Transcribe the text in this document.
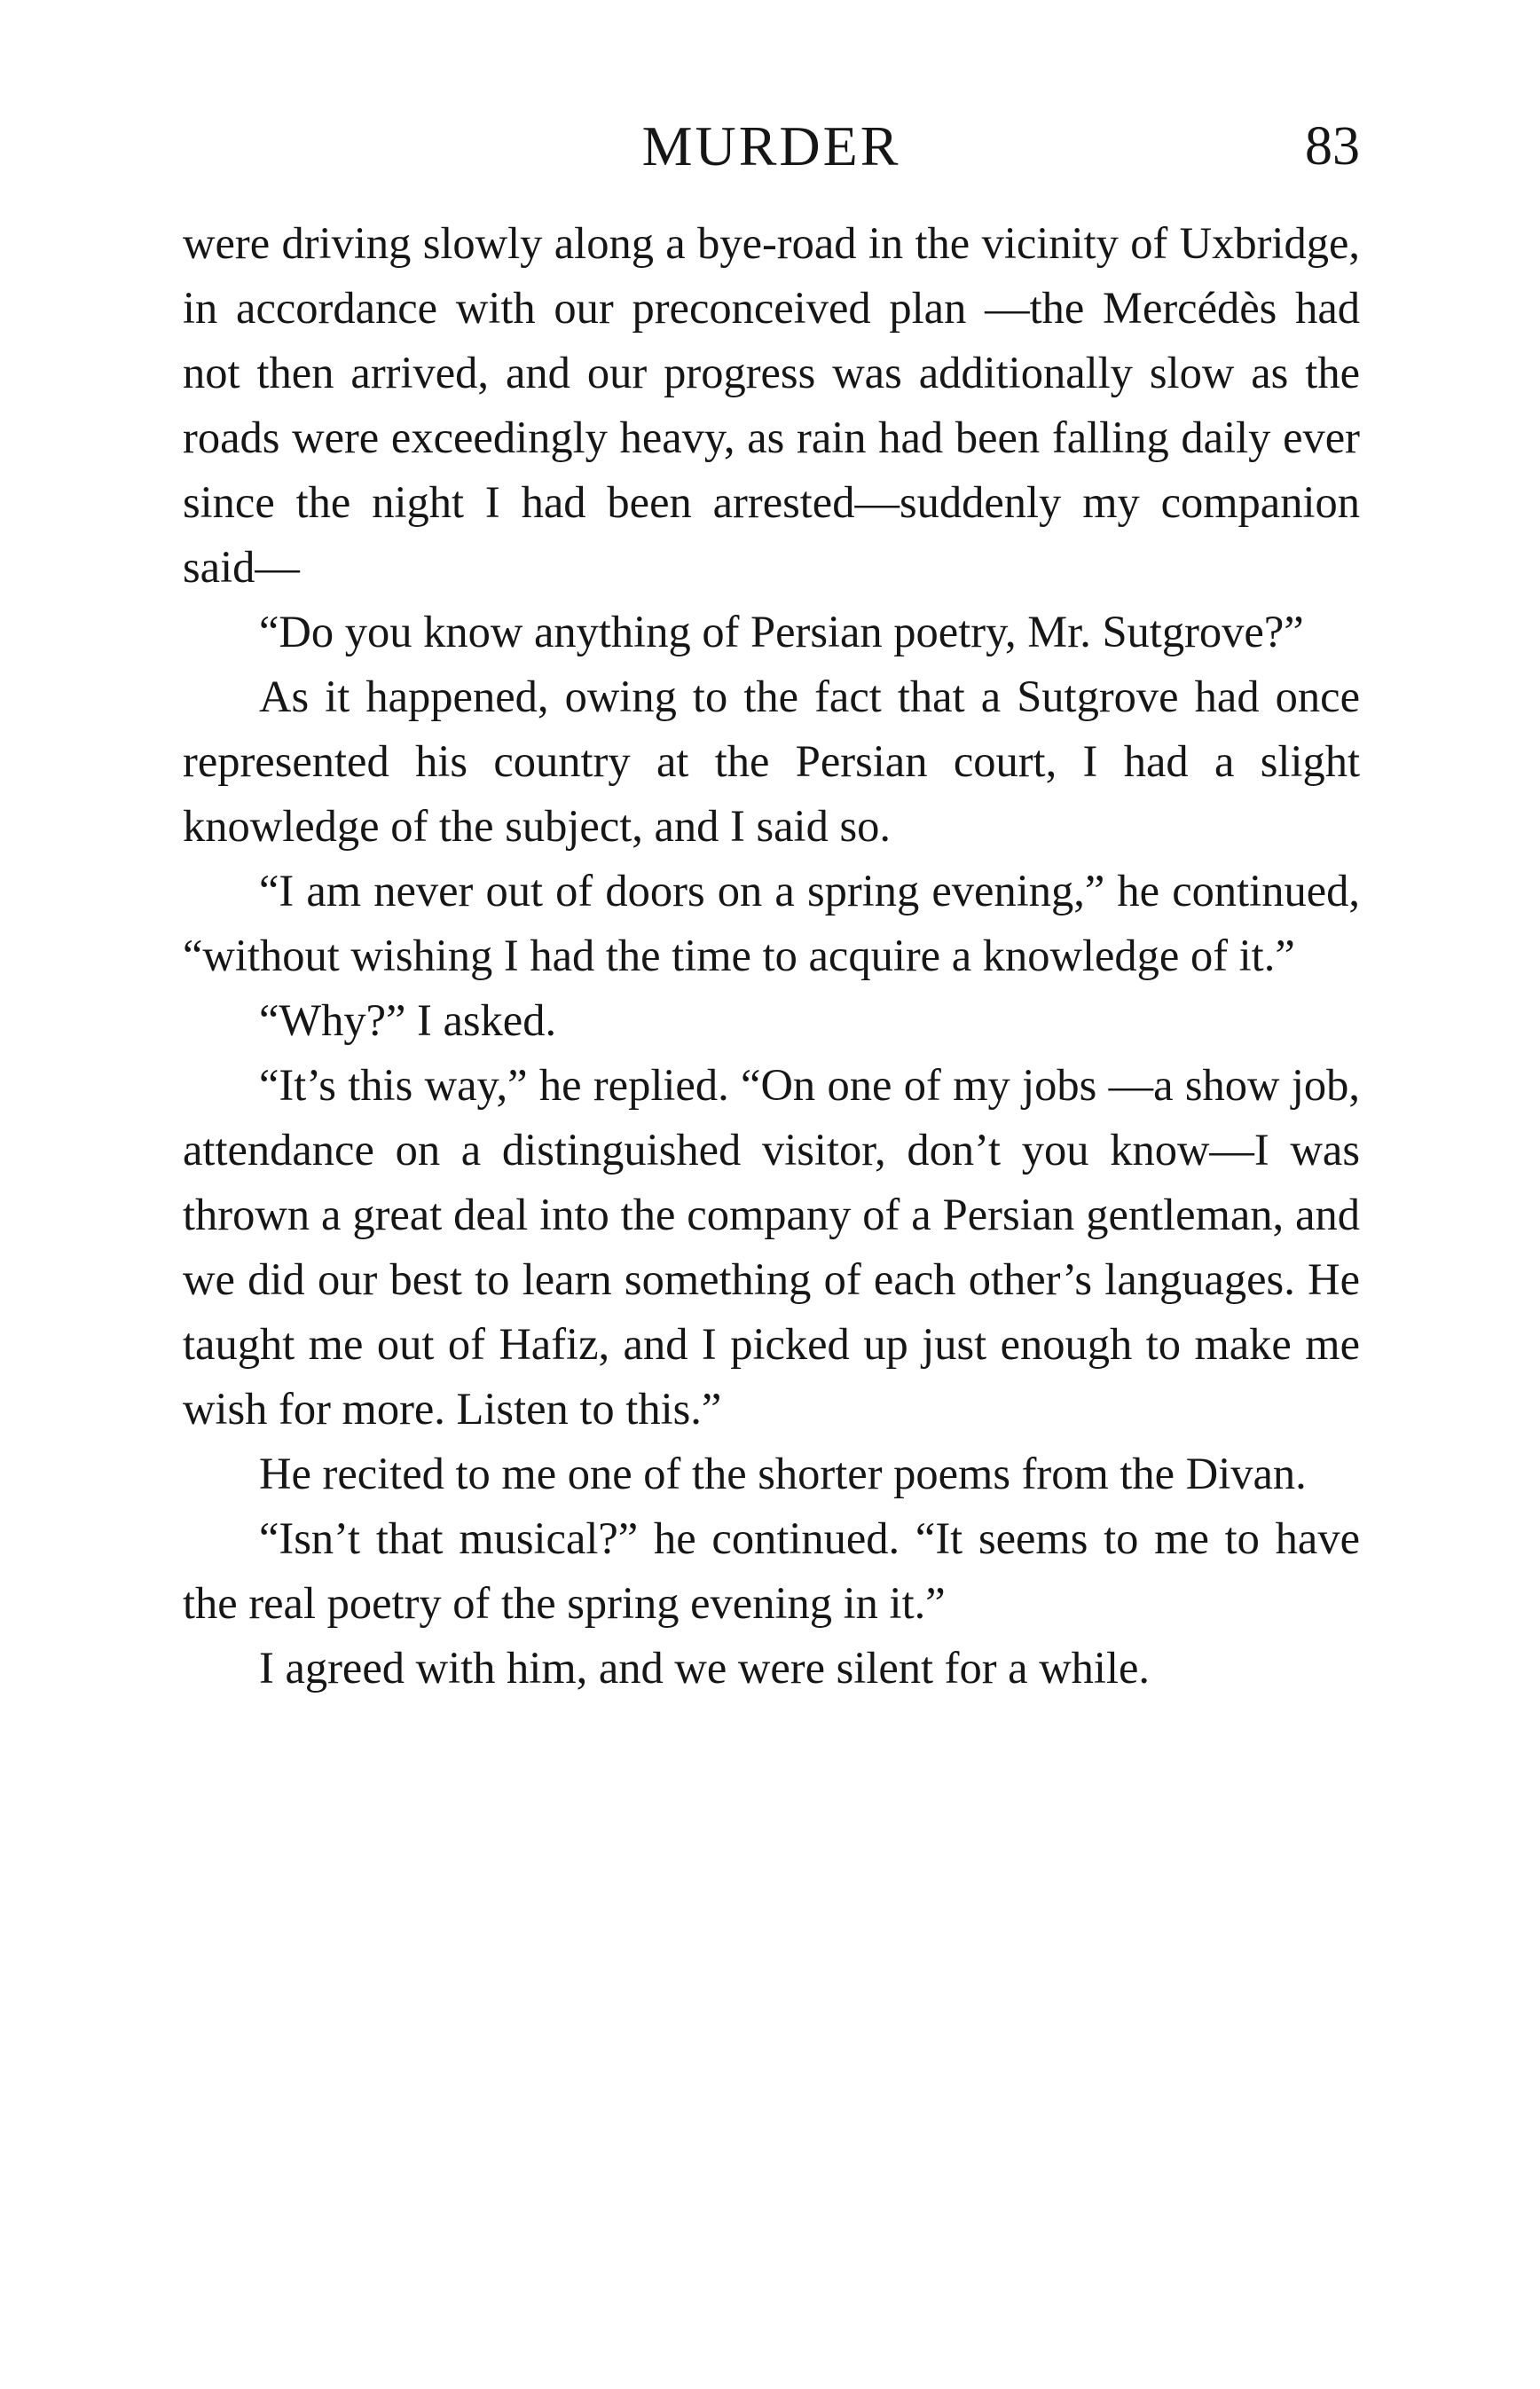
MURDER	83

were driving slowly along a bye-road in the vicinity of Uxbridge, in accordance with our preconceived plan —the Mercédès had not then arrived, and our progress was additionally slow as the roads were exceedingly heavy, as rain had been falling daily ever since the night I had been arrested—suddenly my companion said—

“Do you know anything of Persian poetry, Mr. Sutgrove?”

As it happened, owing to the fact that a Sutgrove had once represented his country at the Persian court, I had a slight knowledge of the subject, and I said so.

“I am never out of doors on a spring evening,” he continued, “without wishing I had the time to acquire a knowledge of it.”

“Why?” I asked.

“It’s this way,” he replied. “On one of my jobs —a show job, attendance on a distinguished visitor, don’t you know—I was thrown a great deal into the company of a Persian gentleman, and we did our best to learn something of each other’s languages. He taught me out of Hafiz, and I picked up just enough to make me wish for more. Listen to this.”

He recited to me one of the shorter poems from the Divan.

“Isn’t that musical?” he continued. “It seems to me to have the real poetry of the spring evening in it.”

I agreed with him, and we were silent for a while.
